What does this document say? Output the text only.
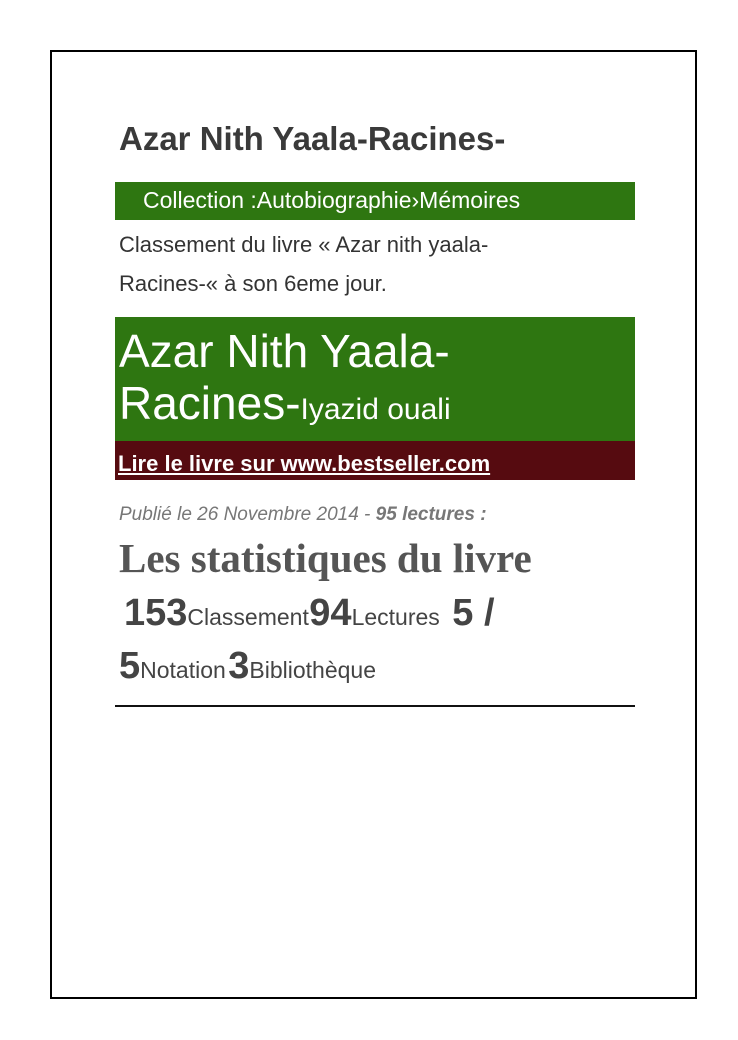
Azar Nith Yaala-Racines-
Collection :Autobiographie›Mémoires
Classement du livre « Azar nith yaala-
Racines-« à son 6eme jour.
Azar Nith Yaala-
Racines-Iyazid ouali
Lire le livre sur www.bestseller.com
Publié le 26 Novembre 2014 - 95 lectures :
Les statistiques du livre
153Classement 94Lectures 5 /
5Notation 3Bibliothèque
